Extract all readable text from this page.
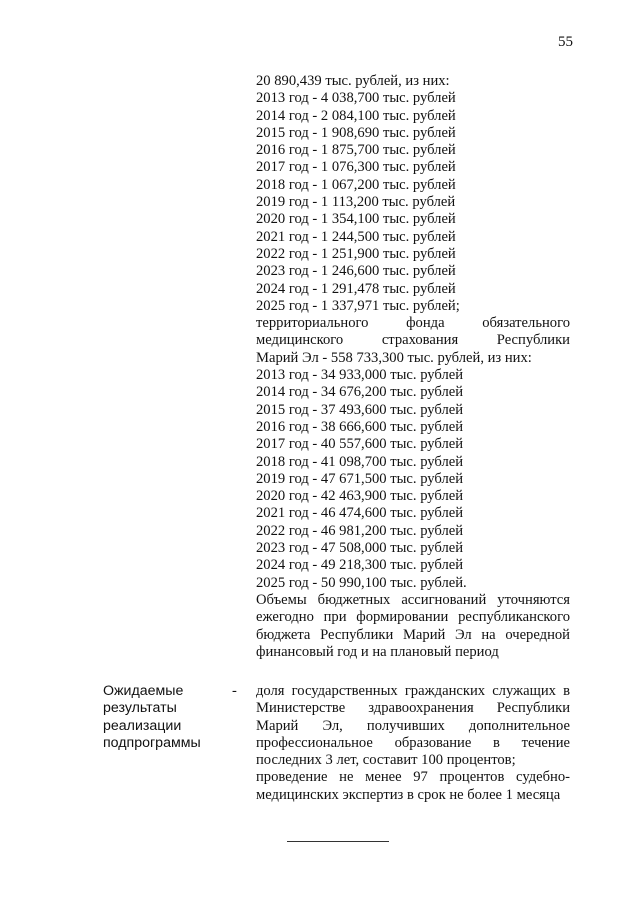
55
20 890,439 тыс. рублей, из них:
2013 год - 4 038,700 тыс. рублей
2014 год - 2 084,100 тыс. рублей
2015 год - 1 908,690 тыс. рублей
2016 год - 1 875,700 тыс. рублей
2017 год - 1 076,300 тыс. рублей
2018 год - 1 067,200 тыс. рублей
2019 год - 1 113,200 тыс. рублей
2020 год - 1 354,100 тыс. рублей
2021 год - 1 244,500 тыс. рублей
2022 год - 1 251,900 тыс. рублей
2023 год - 1 246,600 тыс. рублей
2024 год - 1 291,478 тыс. рублей
2025 год - 1 337,971 тыс. рублей;
территориального фонда обязательного
медицинского страхования Республики
Марий Эл - 558 733,300 тыс. рублей, из них:
2013 год - 34 933,000 тыс. рублей
2014 год - 34 676,200 тыс. рублей
2015 год - 37 493,600 тыс. рублей
2016 год - 38 666,600 тыс. рублей
2017 год - 40 557,600 тыс. рублей
2018 год - 41 098,700 тыс. рублей
2019 год - 47 671,500 тыс. рублей
2020 год - 42 463,900 тыс. рублей
2021 год - 46 474,600 тыс. рублей
2022 год - 46 981,200 тыс. рублей
2023 год - 47 508,000 тыс. рублей
2024 год - 49 218,300 тыс. рублей
2025 год - 50 990,100 тыс. рублей.
Объемы бюджетных ассигнований уточняются ежегодно при формировании республиканского бюджета Республики Марий Эл на очередной финансовый год и на плановый период
Ожидаемые результаты реализации подпрограммы
- доля государственных гражданских служащих в Министерстве здравоохранения Республики Марий Эл, получивших дополнительное профессиональное образование в течение последних 3 лет, составит 100 процентов;
проведение не менее 97 процентов судебно-медицинских экспертиз в срок не более 1 месяца
